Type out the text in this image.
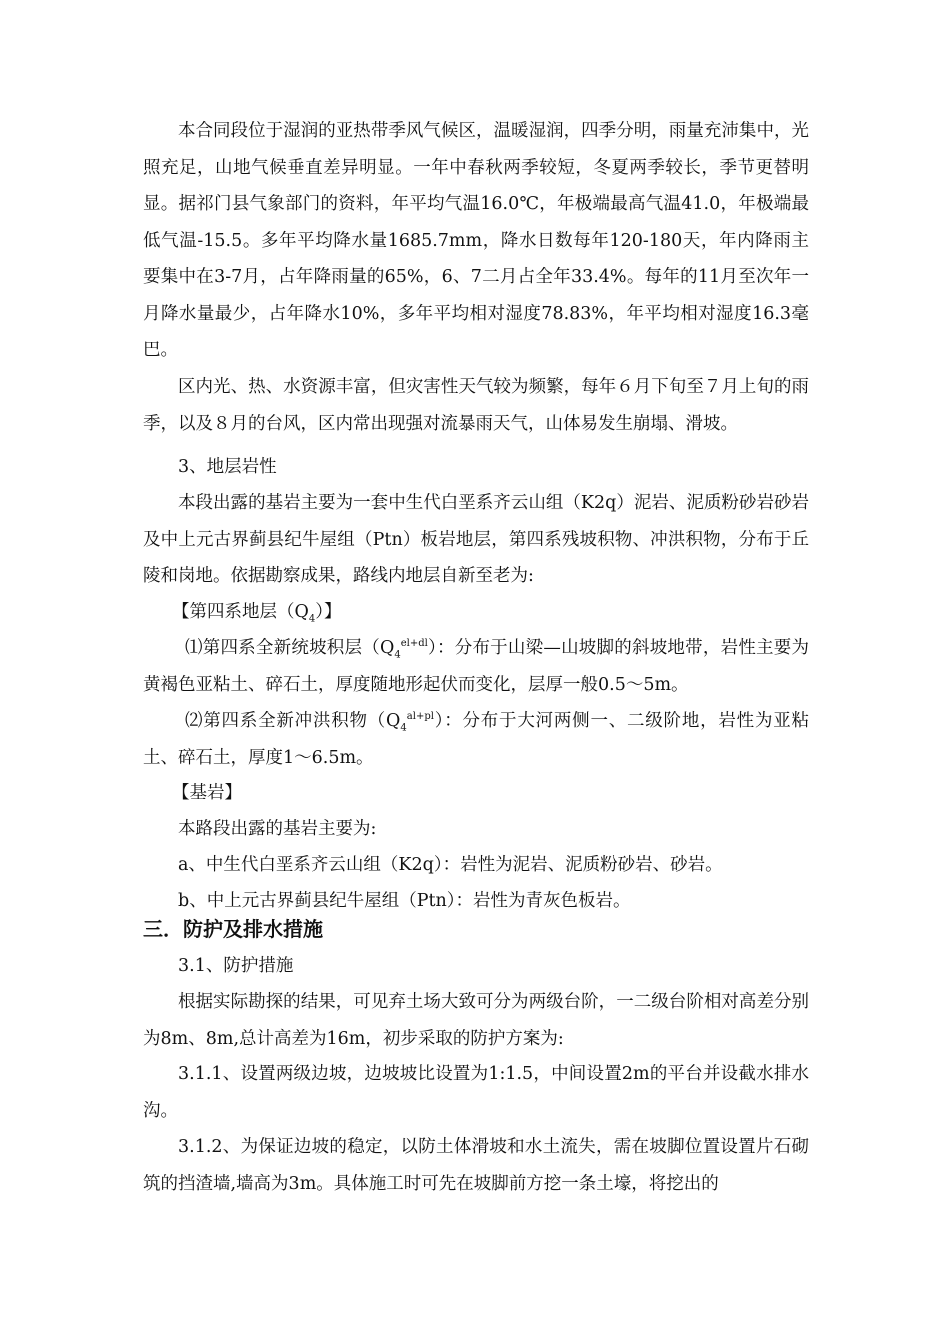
本合同段位于湿润的亚热带季风气候区，温暖湿润，四季分明，雨量充沛集中，光照充足，山地气候垂直差异明显。一年中春秋两季较短，冬夏两季较长，季节更替明显。据祁门县气象部门的资料，年平均气温16.0℃，年极端最高气温41.0，年极端最低气温-15.5。多年平均降水量1685.7mm，降水日数每年120-180天，年内降雨主要集中在3-7月，占年降雨量的65%，6、7二月占全年33.4%。每年的11月至次年一月降水量最少，占年降水10%，多年平均相对湿度78.83%，年平均相对湿度16.3毫巴。

区内光、热、水资源丰富，但灾害性天气较为频繁，每年６月下旬至７月上旬的雨季，以及８月的台风，区内常出现强对流暴雨天气，山体易发生崩塌、滑坡。

3、地层岩性

本段出露的基岩主要为一套中生代白垩系齐云山组（K2q）泥岩、泥质粉砂岩砂岩及中上元古界蓟县纪牛屋组（Ptn）板岩地层，第四系残坡积物、冲洪积物，分布于丘陵和岗地。依据勘察成果，路线内地层自新至老为:

【第四系地层$(Q_4)$】

⑴第四系全新统坡积层$(Q_4^{el+dl})$：分布于山梁—山坡脚的斜坡地带，岩性主要为黄褐色亚粘土、碎石土，厚度随地形起伏而变化，层厚一般0.5～5m。

⑵第四系全新冲洪积物$(Q_4^{al+pl})$：分布于大河两侧一、二级阶地，岩性为亚粘土、碎石土，厚度1～6.5m。

【基岩】

本路段出露的基岩主要为:

a、中生代白垩系齐云山组（K2q）：岩性为泥岩、泥质粉砂岩、砂岩。

b、中上元古界蓟县纪牛屋组（Ptn）：岩性为青灰色板岩。

三．防护及排水措施

3.1、防护措施

根据实际勘探的结果，可见弃土场大致可分为两级台阶，一二级台阶相对高差分别为8m、8m,总计高差为16m，初步采取的防护方案为:

3.1.1、设置两级边坡，边坡坡比设置为1:1.5，中间设置2m的平台并设截水排水沟。

3.1.2、为保证边坡的稳定，以防土体滑坡和水土流失，需在坡脚位置设置片石砌筑的挡渣墙,墙高为3m。具体施工时可先在坡脚前方挖一条土壕，将挖出的
